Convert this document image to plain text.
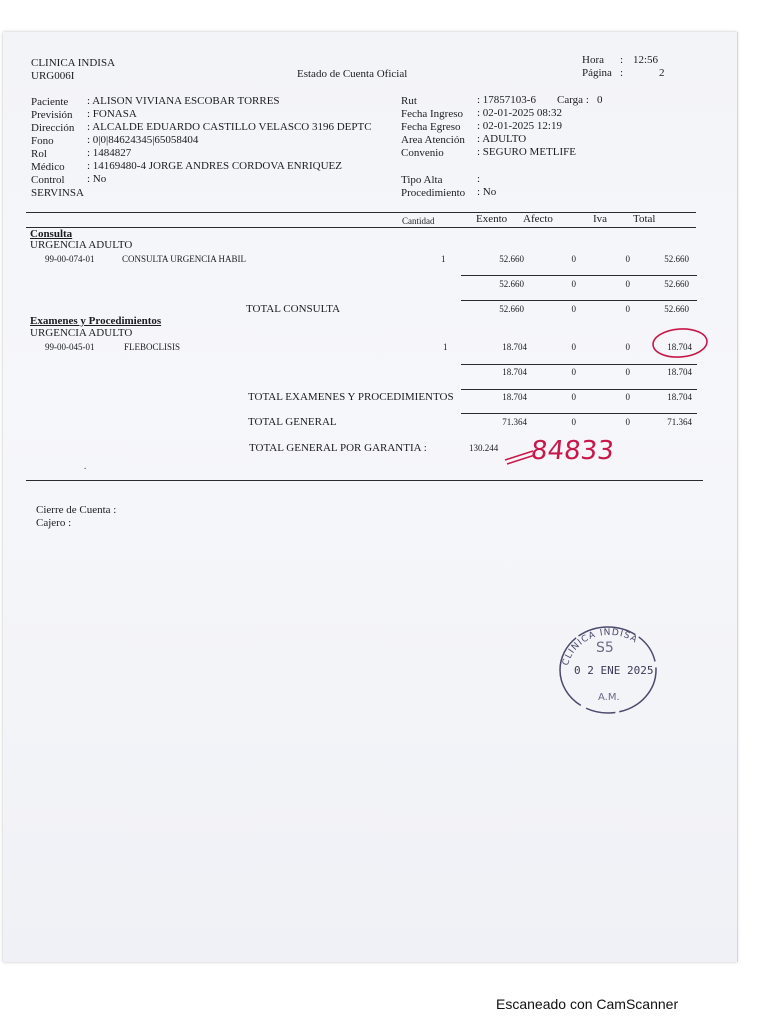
CLINICA INDISA
URG006I	Estado de Cuenta Oficial
Hora : 12:56
Página :	2
Paciente : ALISON VIVIANA ESCOBAR TORRES
Previsión : FONASA
Dirección : ALCALDE EDUARDO CASTILLO VELASCO 3196 DEPTC
Fono	: 0|0|84624345|65058404
Rol	: 1484827
Médico : 14169480-4 JORGE ANDRES CORDOVA ENRIQUEZ
Control : No
SERVINSA
Rut	: 17857103-6 Carga : 0
Fecha Ingreso : 02-01-2025 08:32
Fecha Egreso : 02-01-2025 12:19
Area Atención : ADULTO
Convenio	: SEGURO METLIFE
Tipo Alta	:
Procedimiento : No
Cantidad	Exento Afecto	Iva Total
Consulta
URGENCIA ADULTO
99-00-074-01	CONSULTA URGENCIA HABIL	1	52.660	0	0	52.660
52.660	0	0	52.660
TOTAL CONSULTA	52.660	0	0	52.660
Examenes y Procedimientos
URGENCIA ADULTO
99-00-045-01	FLEBOCLISIS	1	18.704	0	0	18.704
18.704	0	0	18.704
TOTAL EXAMENES Y PROCEDIMIENTOS	18.704	0	0	18.704
TOTAL GENERAL	71.364	0	0	71.364
TOTAL GENERAL POR GARANTIA :	130.244 84833
.
Cierre de Cuenta :
Cajero :
CLINICA INDISA
S5
0 2 ENE 2025
A.M.
Escaneado con CamScanner
